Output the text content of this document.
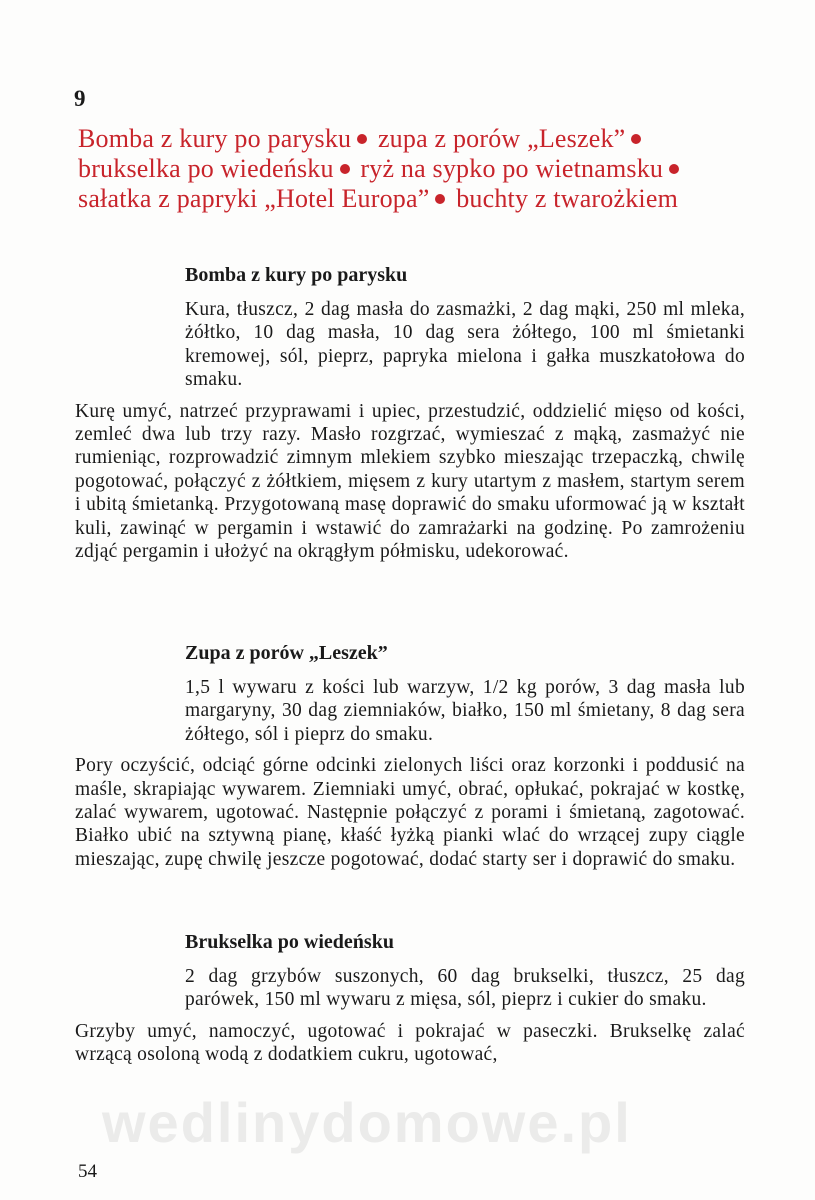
9

Bomba z kury po parysku zupa z porów „Leszek” brukselka po wiedeńsku ryż na sypko po wietnamsku sałatka z papryki „Hotel Europa” buchty z twarożkiem
Bomba z kury po parysku

Kura, tłuszcz, 2 dag masła do zasmażki, 2 dag mąki, 250 ml mleka, żółtko, 10 dag masła, 10 dag sera żółtego, 100 ml śmietanki kremowej, sól, pieprz, papryka mielona i gałka muszkatołowa do smaku.

Kurę umyć, natrzeć przyprawami i upiec, przestudzić, oddzielić mięso od kości, zemleć dwa lub trzy razy. Masło rozgrzać, wymieszać z mąką, zasmażyć nie rumieniąc, rozprowadzić zimnym mlekiem szybko mieszając trzepaczką, chwilę pogotować, połączyć z żółtkiem, mięsem z kury utartym z masłem, startym serem i ubitą śmietanką. Przygotowaną masę doprawić do smaku uformować ją w kształt kuli, zawinąć w pergamin i wstawić do zamrażarki na godzinę. Po zamrożeniu zdjąć pergamin i ułożyć na okrągłym półmisku, udekorować.

Zupa z porów „Leszek”

1,5 l wywaru z kości lub warzyw, 1/2 kg porów, 3 dag masła lub margaryny, 30 dag ziemniaków, białko, 150 ml śmietany, 8 dag sera żółtego, sól i pieprz do smaku.

Pory oczyścić, odciąć górne odcinki zielonych liści oraz korzonki i poddusić na maśle, skrapiając wywarem. Ziemniaki umyć, obrać, opłukać, pokrajać w kostkę, zalać wywarem, ugotować. Następnie połączyć z porami i śmietaną, zagotować. Białko ubić na sztywną pianę, kłaść łyżką pianki wlać do wrzącej zupy ciągle mieszając, zupę chwilę jeszcze pogotować, dodać starty ser i doprawić do smaku.

Brukselka po wiedeńsku

2 dag grzybów suszonych, 60 dag brukselki, tłuszcz, 25 dag parówek, 150 ml wywaru z mięsa, sól, pieprz i cukier do smaku.

Grzyby umyć, namoczyć, ugotować i pokrajać w paseczki. Brukselkę zalać wrzącą osoloną wodą z dodatkiem cukru, ugotować,

wedlinydomowe.pl

54
